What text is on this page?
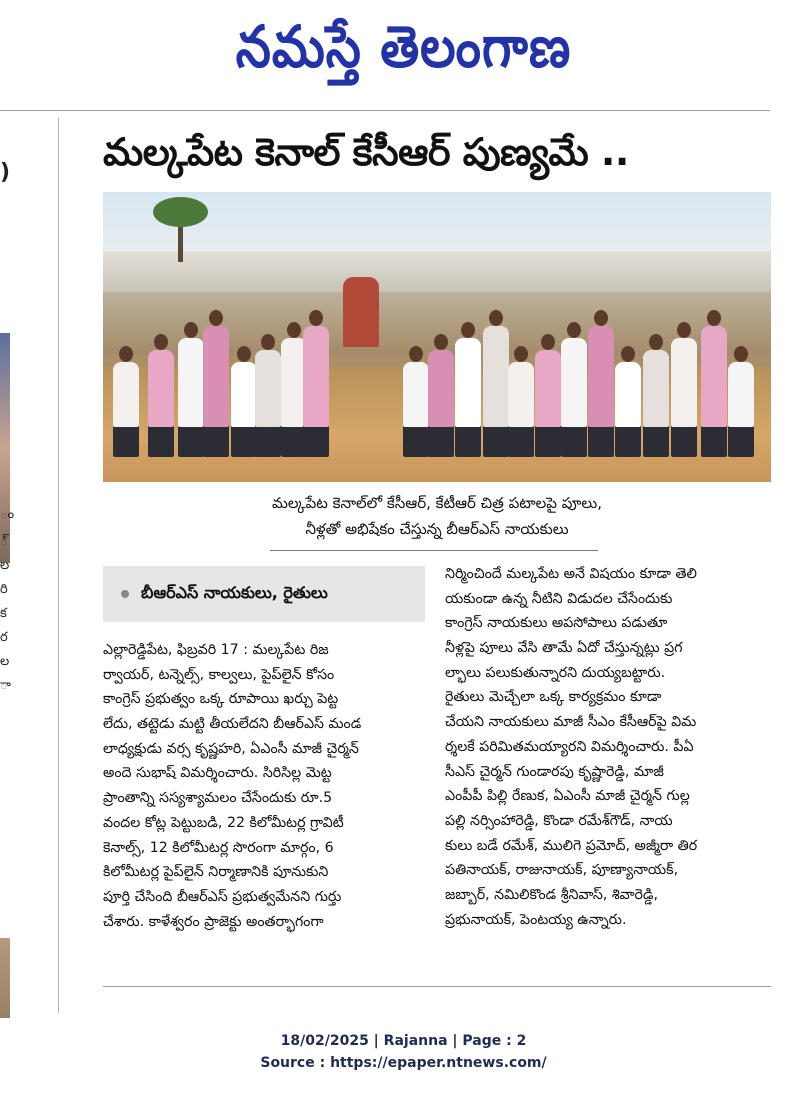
నమస్తే తెలంగాణ
)
ం
్
ల
రి
క
ర
ల
ా
మల్కపేట కెనాల్‌ కేసీఆర్‌ పుణ్యమే ..
మల్కపేట కెనాల్‌లో కేసీఆర్‌, కేటీఆర్‌ చిత్ర పటాలపై పూలు,
నీళ్లతో అభిషేకం చేస్తున్న బీఆర్‌ఎస్‌ నాయకులు
బీఆర్‌ఎస్‌ నాయకులు, రైతులు
ఎల్లారెడ్డిపేట, ఫిబ్రవరి 17 : మల్కపేట రిజ
ర్వాయర్‌, టన్నెల్స్‌, కాల్వలు, పైప్‌లైన్‌ కోసం
కాంగ్రెస్‌ ప్రభుత్వం ఒక్క రూపాయి ఖర్చు పెట్ట
లేదు, తట్టెడు మట్టి తీయలేదని బీఆర్‌ఎస్‌ మండ
లాధ్యక్షుడు వర్స కృష్ణహరి, ఏఎంసీ మాజీ చైర్మన్‌
అందె సుభాష్‌ విమర్శించారు. సిరిసిల్ల మెట్ట
ప్రాంతాన్ని సస్యశ్యామలం చేసేందుకు రూ.5
వందల కోట్ల పెట్టుబడి, 22 కిలోమీటర్ల గ్రావిటీ
కెనాల్స్‌, 12 కిలోమీటర్ల సొరంగా మార్గం, 6
కిలోమీటర్ల పైప్‌లైన్‌ నిర్మాణానికి పూనుకుని
పూర్తి చేసింది బీఆర్‌ఎస్‌ ప్రభుత్వమేనని గుర్తు
చేశారు. కాళేశ్వరం ప్రాజెక్టు అంతర్భాగంగా
నిర్మించిందే మల్కపేట అనే విషయం కూడా తెలి
యకుండా ఉన్న నీటిని విడుదల చేసేందుకు
కాంగ్రెస్‌ నాయకులు అపసోపాలు పడుతూ
నీళ్లపై పూలు వేసి తామే ఏదో చేస్తున్నట్లు ప్రగ
ల్భాలు పలుకుతున్నారని దుయ్యబట్టారు.
రైతులు మెచ్చేలా ఒక్క కార్యక్రమం కూడా
చేయని నాయకులు మాజీ సీఎం కేసీఆర్‌పై విమ
ర్శలకే పరిమితమయ్యారని విమర్శించారు. పీఏ
సీఎస్‌ చైర్మన్‌ గుండారపు కృష్ణారెడ్డి, మాజీ
ఎంపీపీ పిల్లి రేణుక, ఏఎంసీ మాజీ చైర్మన్‌ గుల్ల
పల్లి నర్సింహారెడ్డి, కొండా రమేశ్‌గౌడ్‌, నాయ
కులు బడే రమేశ్‌, ములిగె ప్రమోద్‌, అజ్మీరా తిర
పతినాయక్‌, రాజునాయక్‌, పూణ్యానాయక్‌,
జబ్బార్‌, నమిలికొండ శ్రీనివాస్‌, శివారెడ్డి,
ప్రభునాయక్‌, పెంటయ్య ఉన్నారు.
18/02/2025 | Rajanna | Page : 2
Source : https://epaper.ntnews.com/
